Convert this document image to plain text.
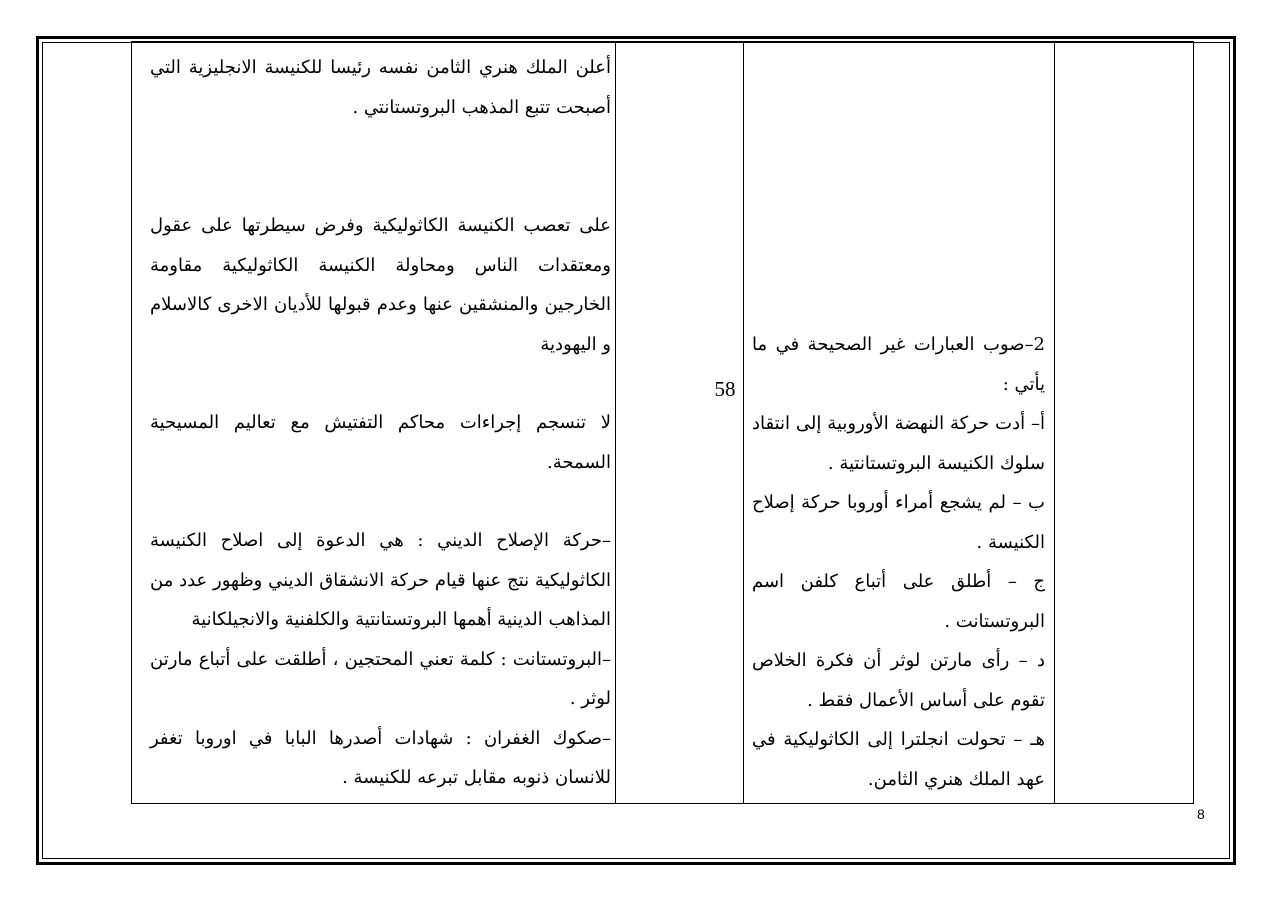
أعلن الملك هنري الثامن نفسه رئيسا للكنيسة الانجليزية التي أصبحت تتبع المذهب البروتستانتي .

على تعصب الكنيسة الكاثوليكية وفرض سيطرتها على عقول ومعتقدات الناس ومحاولة الكنيسة الكاثوليكية مقاومة الخارجين والمنشقين عنها وعدم قبولها للأديان الاخرى كالاسلام و اليهودية

لا تنسجم إجراءات محاكم التفتيش مع تعاليم المسيحية السمحة.

–حركة الإصلاح الديني : هي الدعوة إلى اصلاح الكنيسة الكاثوليكية نتج عنها قيام حركة الانشقاق الديني وظهور عدد من المذاهب الدينية أهمها البروتستانتية والكلفنية والانجيلكانية

–البروتستانت : كلمة تعني المحتجين ، أطلقت على أتباع مارتن لوثر .

–صكوك الغفران : شهادات أصدرها البابا في اوروبا تغفر للانسان ذنوبه مقابل تبرعه للكنيسة .

58

2–صوب العبارات غير الصحيحة في ما يأتي :

أ– أدت حركة النهضة الأوروبية إلى انتقاد سلوك الكنيسة البروتستانتية .

ب – لم يشجع أمراء أوروبا حركة إصلاح الكنيسة .

ج – أطلق على أتباع كلفن اسم البروتستانت .

د – رأى مارتن لوثر أن فكرة الخلاص تقوم على أساس الأعمال فقط .

هـ – تحولت انجلترا إلى الكاثوليكية في عهد الملك هنري الثامن.

8
